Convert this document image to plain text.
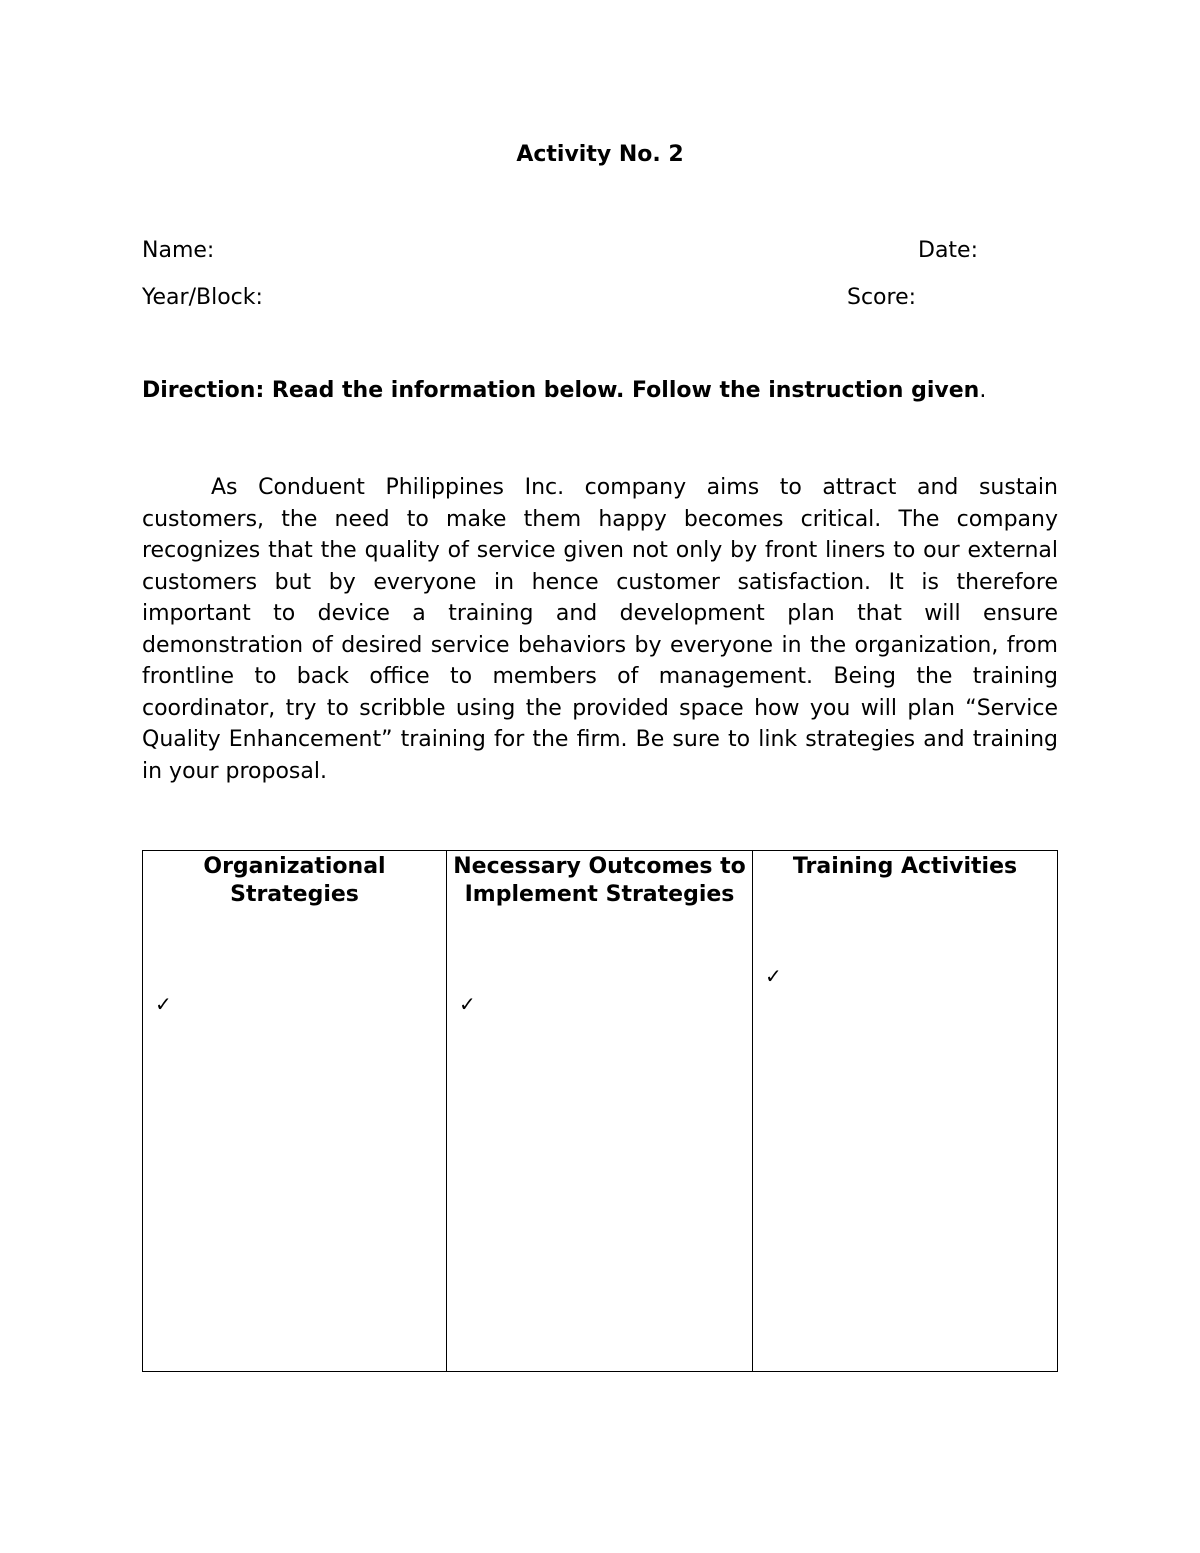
Activity No. 2
Name:	Date:
Year/Block:	Score:

Direction: Read the information below. Follow the instruction given.

As Conduent Philippines Inc. company aims to attract and sustain customers, the need to make them happy becomes critical. The company recognizes that the quality of service given not only by front liners to our external customers but by everyone in hence customer satisfaction. It is therefore important to device a training and development plan that will ensure demonstration of desired service behaviors by everyone in the organization, from frontline to back office to members of management. Being the training coordinator, try to scribble using the provided space how you will plan “Service Quality Enhancement” training for the firm. Be sure to link strategies and training in your proposal.

Organizational Strategies

✓

Necessary Outcomes to Implement Strategies

✓

Training Activities

✓
